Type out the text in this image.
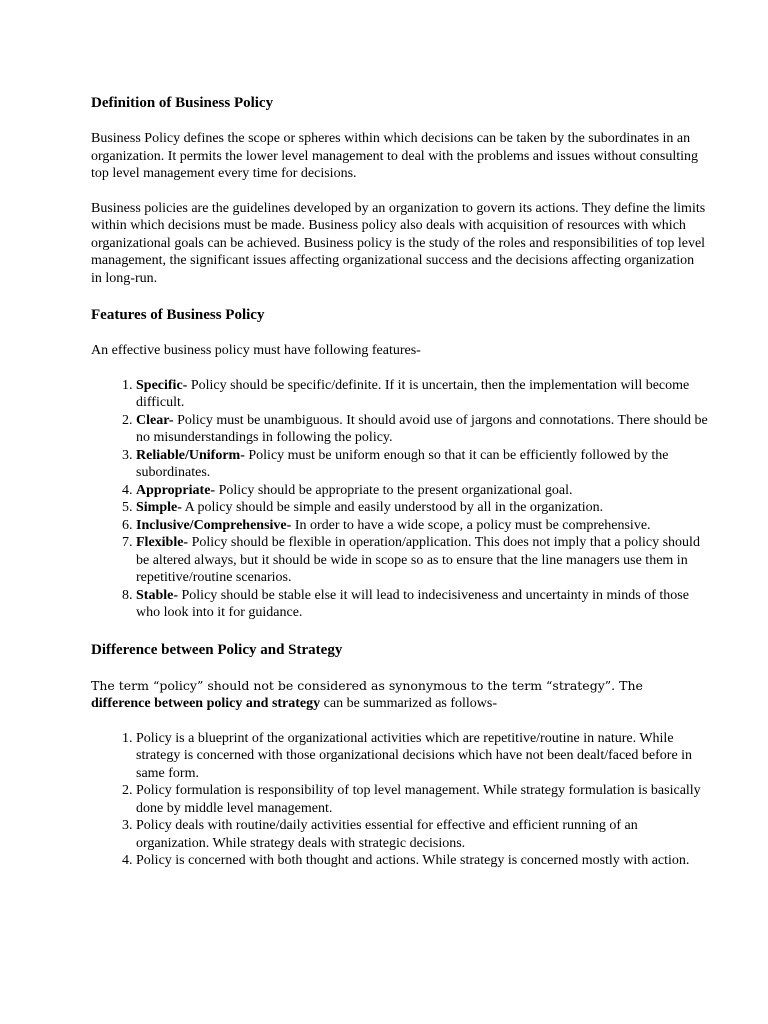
Definition of Business Policy

Business Policy defines the scope or spheres within which decisions can be taken by the subordinates in an organization. It permits the lower level management to deal with the problems and issues without consulting top level management every time for decisions.

Business policies are the guidelines developed by an organization to govern its actions. They define the limits within which decisions must be made. Business policy also deals with acquisition of resources with which organizational goals can be achieved. Business policy is the study of the roles and responsibilities of top level management, the significant issues affecting organizational success and the decisions affecting organization in long-run.

Features of Business Policy

An effective business policy must have following features-

1. Specific- Policy should be specific/definite. If it is uncertain, then the implementation will become difficult.
2. Clear- Policy must be unambiguous. It should avoid use of jargons and connotations. There should be no misunderstandings in following the policy.
3. Reliable/Uniform- Policy must be uniform enough so that it can be efficiently followed by the subordinates.
4. Appropriate- Policy should be appropriate to the present organizational goal.
5. Simple- A policy should be simple and easily understood by all in the organization.
6. Inclusive/Comprehensive- In order to have a wide scope, a policy must be comprehensive.
7. Flexible- Policy should be flexible in operation/application. This does not imply that a policy should be altered always, but it should be wide in scope so as to ensure that the line managers use them in repetitive/routine scenarios.
8. Stable- Policy should be stable else it will lead to indecisiveness and uncertainty in minds of those who look into it for guidance.

Difference between Policy and Strategy

The term “policy” should not be considered as synonymous to the term “strategy”. The
difference between policy and strategy can be summarized as follows-

1. Policy is a blueprint of the organizational activities which are repetitive/routine in nature. While strategy is concerned with those organizational decisions which have not been dealt/faced before in same form.
2. Policy formulation is responsibility of top level management. While strategy formulation is basically done by middle level management.
3. Policy deals with routine/daily activities essential for effective and efficient running of an organization. While strategy deals with strategic decisions.
4. Policy is concerned with both thought and actions. While strategy is concerned mostly with action.
